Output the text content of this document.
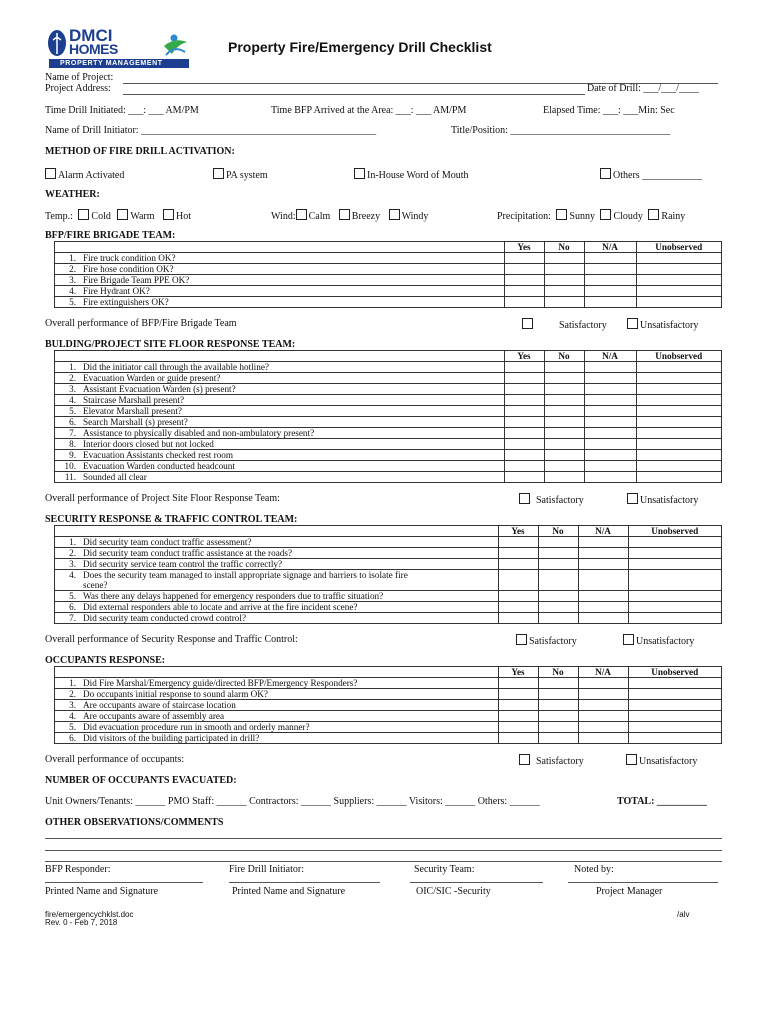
DMCI
HOMES
PROPERTY MANAGEMENT
Property Fire/Emergency Drill Checklist
Name of Project:
Project Address:	Date of Drill: ___/___/____
Time Drill Initiated: ___: ___ AM/PM	Time BFP Arrived at the Area: ___: ___ AM/PM	Elapsed Time: ___: ___Min: Sec
Name of Drill Initiator: _______________________________________________	Title/Position: ________________________________
METHOD OF FIRE DRILL ACTIVATION:
Alarm Activated	PA system	In-House Word of Mouth	Others ____________
WEATHER:
Temp.: Cold Warm Hot	Wind: Calm Breezy Windy	Precipitation: Sunny Cloudy Rainy
BFP/FIRE BRIGADE TEAM:
		Yes	No	N/A	Unobserved
1.	Fire truck condition OK?				
2.	Fire hose condition OK?				
3.	Fire Brigade Team PPE OK?				
4.	Fire Hydrant OK?				
5.	Fire extinguishers OK?				
Overall performance of BFP/Fire Brigade Team	Satisfactory	Unsatisfactory
BULDING/PROJECT SITE FLOOR RESPONSE TEAM:
		Yes	No	N/A	Unobserved
1.	Did the initiator call through the available hotline?				
2.	Evacuation Warden or guide present?				
3.	Assistant Evacuation Warden (s) present?				
4.	Staircase Marshall present?				
5.	Elevator Marshall present?				
6.	Search Marshall (s) present?				
7.	Assistance to physically disabled and non-ambulatory present?				
8.	Interior doors closed but not locked				
9.	Evacuation Assistants checked rest room				
10.	Evacuation Warden conducted headcount				
11.	Sounded all clear				
Overall performance of Project Site Floor Response Team:	Satisfactory	Unsatisfactory
SECURITY RESPONSE & TRAFFIC CONTROL TEAM:
		Yes	No	N/A	Unobserved
1.	Did security team conduct traffic assessment?				
2.	Did security team conduct traffic assistance at the roads?				
3.	Did security service team control the traffic correctly?				
4.	Does the security team managed to install appropriate signage and barriers to isolate fire
scene?				
5.	Was there any delays happened for emergency responders due to traffic situation?				
6.	Did external responders able to locate and arrive at the fire incident scene?				
7.	Did security team conducted crowd control?				
Overall performance of Security Response and Traffic Control:	Satisfactory	Unsatisfactory
OCCUPANTS RESPONSE:
		Yes	No	N/A	Unobserved
1.	Did Fire Marshal/Emergency guide/directed BFP/Emergency Responders?				
2.	Do occupants initial response to sound alarm OK?				
3.	Are occupants aware of staircase location				
4.	Are occupants aware of assembly area				
5.	Did evacuation procedure run in smooth and orderly manner?				
6.	Did visitors of the building participated in drill?				
Overall performance of occupants:	Satisfactory	Unsatisfactory
NUMBER OF OCCUPANTS EVACUATED:
Unit Owners/Tenants: ______ PMO Staff: ______ Contractors: ______ Suppliers: ______ Visitors: ______ Others: ______	TOTAL: __________
OTHER OBSERVATIONS/COMMENTS
BFP Responder:	Fire Drill Initiator:	Security Team:	Noted by:
Printed Name and Signature	Printed Name and Signature	OIC/SIC -Security	Project Manager
fire/emergencychklst.doc
Rev. 0 - Feb 7, 2018
/alv
